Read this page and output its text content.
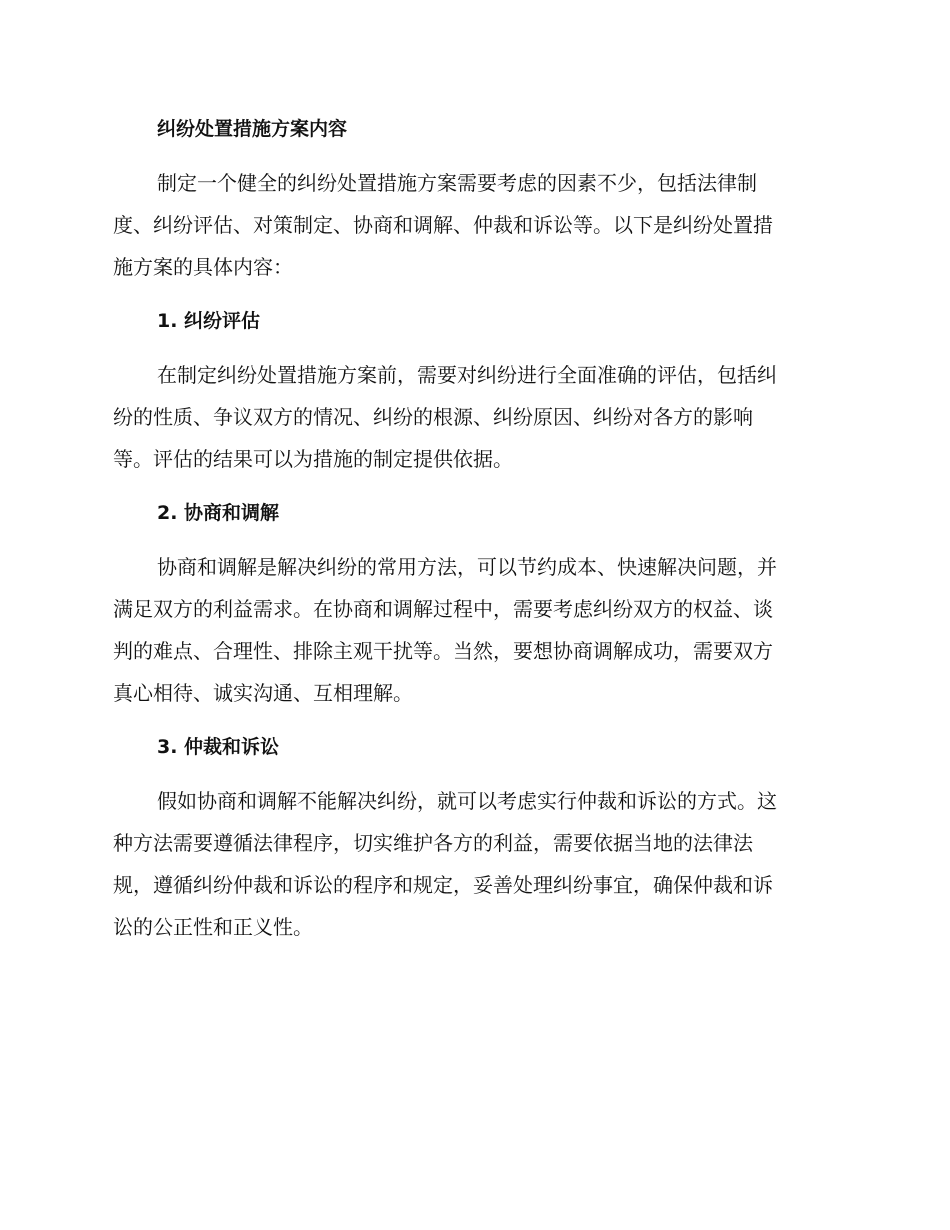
纠纷处置措施方案内容
制定一个健全的纠纷处置措施方案需要考虑的因素不少，包括法律制
度、纠纷评估、对策制定、协商和调解、仲裁和诉讼等。以下是纠纷处置措
施方案的具体内容：
1. 纠纷评估
在制定纠纷处置措施方案前，需要对纠纷进行全面准确的评估，包括纠
纷的性质、争议双方的情况、纠纷的根源、纠纷原因、纠纷对各方的影响
等。评估的结果可以为措施的制定提供依据。
2. 协商和调解
协商和调解是解决纠纷的常用方法，可以节约成本、快速解决问题，并
满足双方的利益需求。在协商和调解过程中，需要考虑纠纷双方的权益、谈
判的难点、合理性、排除主观干扰等。当然，要想协商调解成功，需要双方
真心相待、诚实沟通、互相理解。
3. 仲裁和诉讼
假如协商和调解不能解决纠纷，就可以考虑实行仲裁和诉讼的方式。这
种方法需要遵循法律程序，切实维护各方的利益，需要依据当地的法律法
规，遵循纠纷仲裁和诉讼的程序和规定，妥善处理纠纷事宜，确保仲裁和诉
讼的公正性和正义性。
